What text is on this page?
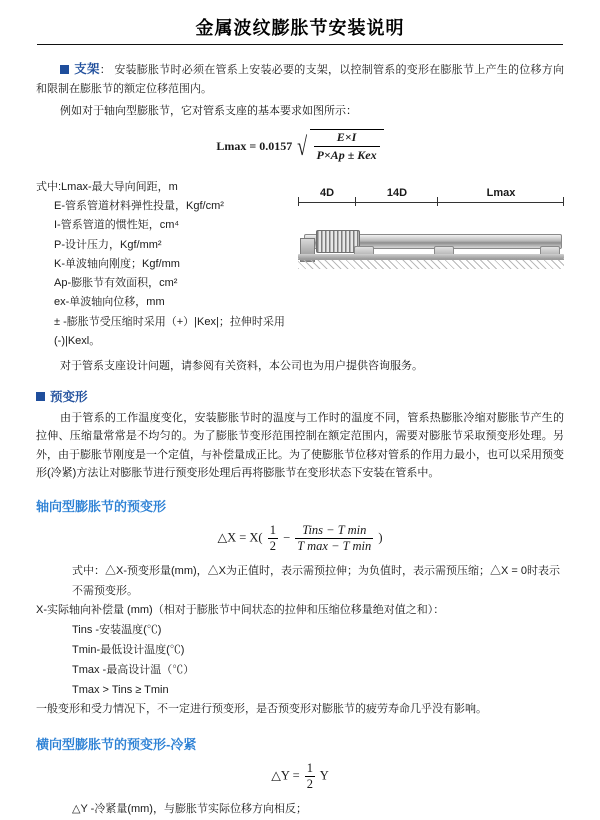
金属波纹膨胀节安装说明
支架： 安装膨胀节时必须在管系上安装必要的支架，以控制管系的变形在膨胀节上产生的位移方向和限制在膨胀节的额定位移范围内。

例如对于轴向型膨胀节，它对管系支座的基本要求如图所示：

Lmax = 0.0157 √ $\frac{E\times I}{\text{P×Ap ± Kex}}$
式中:Lmax-最大导向间距，m
E-管系管道材料弹性投量，Kgf/cm²
I-管系管道的惯性矩，cm⁴
P-设计压力，Kgf/mm²
K-单波轴向刚度；Kgf/mm
Ap-膨胀节有效面积，cm²
ex-单波轴向位移，mm
± -膨胀节受压缩时采用（+）|Kex|；拉伸时采用(-)|Kexl。
4D	14D	Lmax

对于管系支座设计问题，请参阅有关资料，本公司也为用户提供咨询服务。

预变形

由于管系的工作温度变化，安装膨胀节时的温度与工作时的温度不同，管系热膨胀冷缩对膨胀节产生的拉伸、压缩量常常是不均匀的。为了膨胀节变形范围控制在额定范围内，需要对膨胀节采取预变形处理。另外，由于膨胀节刚度是一个定值，与补偿量成正比。为了使膨胀节位移对管系的作用力最小，也可以采用预变形(冷紧)方法让对膨胀节进行预变形处理后再将膨胀节在变形状态下安装在管系中。

轴向型膨胀节的预变形
△X = $X( \frac{1}{2}$ −
Tins − T min
T max − T min
)
式中：△X-预变形量(mm)，△X为正值时，表示需预拉伸；为负值时，表示需预压缩；△X = 0时表示不需预变形。
X-实际轴向补偿量 (mm)（相对于膨胀节中间状态的拉伸和压缩位移量绝对值之和）：
Tins -安装温度(℃)
Tmin-最低设计温度(℃)
Tmax -最高设计温（℃）
Tmax > Tins ≥ Tmin
一般变形和受力情况下，不一定进行预变形，是否预变形对膨胀节的疲劳寿命几乎没有影响。
横向型膨胀节的预变形-冷紧
△Y = $\frac{1}{2}$ Y
△Y -冷紧量(mm)，与膨胀节实际位移方向相反；
